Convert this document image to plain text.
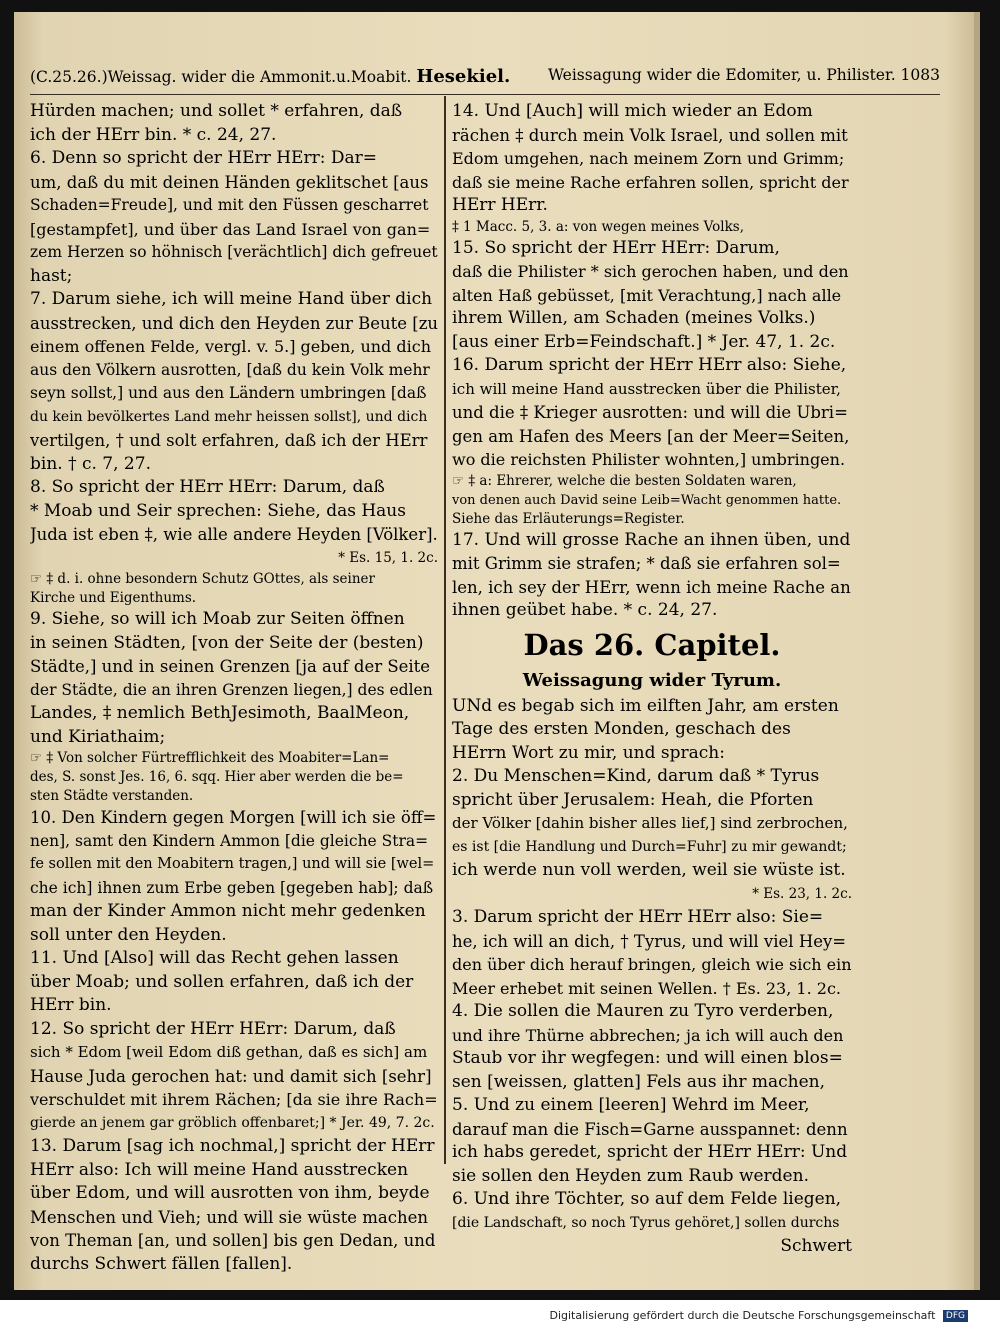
(C.25.26.)Weissag. wider die Ammonit.u.Moabit. Hesekiel. Weissagung wider die Edomiter, u. Philister. 1083
Hürden machen; und sollet * erfahren, daß
ich der HErr bin. * c. 24, 27.
6. Denn so spricht der HErr HErr: Dar=
um, daß du mit deinen Händen geklitschet [aus
Schaden=Freude], und mit den Füssen gescharret
[gestampfet], und über das Land Israel von gan=
zem Herzen so höhnisch [verächtlich] dich gefreuet
hast;
7. Darum siehe, ich will meine Hand über dich
ausstrecken, und dich den Heyden zur Beute [zu
einem offenen Felde, vergl. v. 5.] geben, und dich
aus den Völkern ausrotten, [daß du kein Volk mehr
seyn sollst,] und aus den Ländern umbringen [daß
du kein bevölkertes Land mehr heissen sollst], und dich
vertilgen, † und solt erfahren, daß ich der HErr
bin. † c. 7, 27.
8. So spricht der HErr HErr: Darum, daß
* Moab und Seir sprechen: Siehe, das Haus
Juda ist eben ‡, wie alle andere Heyden [Völker].
* Es. 15, 1. 2c.
☞ ‡ d. i. ohne besondern Schutz GOttes, als seiner
Kirche und Eigenthums.
9. Siehe, so will ich Moab zur Seiten öffnen
in seinen Städten, [von der Seite der (besten)
Städte,] und in seinen Grenzen [ja auf der Seite
der Städte, die an ihren Grenzen liegen,] des edlen
Landes, ‡ nemlich BethJesimoth, BaalMeon,
und Kiriathaim;
☞ ‡ Von solcher Fürtrefflichkeit des Moabiter=Lan=
des, S. sonst Jes. 16, 6. sqq. Hier aber werden die be=
sten Städte verstanden.
10. Den Kindern gegen Morgen [will ich sie öff=
nen], samt den Kindern Ammon [die gleiche Stra=
fe sollen mit den Moabitern tragen,] und will sie [wel=
che ich] ihnen zum Erbe geben [gegeben hab]; daß
man der Kinder Ammon nicht mehr gedenken
soll unter den Heyden.
11. Und [Also] will das Recht gehen lassen
über Moab; und sollen erfahren, daß ich der
HErr bin.
12. So spricht der HErr HErr: Darum, daß
sich * Edom [weil Edom diß gethan, daß es sich] am
Hause Juda gerochen hat: und damit sich [sehr]
verschuldet mit ihrem Rächen; [da sie ihre Rach=
gierde an jenem gar gröblich offenbaret;] * Jer. 49, 7. 2c.
13. Darum [sag ich nochmal,] spricht der HErr
HErr also: Ich will meine Hand ausstrecken
über Edom, und will ausrotten von ihm, beyde
Menschen und Vieh; und will sie wüste machen
von Theman [an, und sollen] bis gen Dedan, und
durchs Schwert fällen [fallen].
14. Und [Auch] will mich wieder an Edom
rächen ‡ durch mein Volk Israel, und sollen mit
Edom umgehen, nach meinem Zorn und Grimm;
daß sie meine Rache erfahren sollen, spricht der
HErr HErr.
‡ 1 Macc. 5, 3. a: von wegen meines Volks,
15. So spricht der HErr HErr: Darum,
daß die Philister * sich gerochen haben, und den
alten Haß gebüsset, [mit Verachtung,] nach alle
ihrem Willen, am Schaden (meines Volks.)
[aus einer Erb=Feindschaft.] * Jer. 47, 1. 2c.
16. Darum spricht der HErr HErr also: Siehe,
ich will meine Hand ausstrecken über die Philister,
und die ‡ Krieger ausrotten: und will die Ubri=
gen am Hafen des Meers [an der Meer=Seiten,
wo die reichsten Philister wohnten,] umbringen.
☞ ‡ a: Ehrerer, welche die besten Soldaten waren,
von denen auch David seine Leib=Wacht genommen hatte.
Siehe das Erläuterungs=Register.
17. Und will grosse Rache an ihnen üben, und
mit Grimm sie strafen; * daß sie erfahren sol=
len, ich sey der HErr, wenn ich meine Rache an
ihnen geübet habe. * c. 24, 27.
Das 26. Capitel.
Weissagung wider Tyrum.
UNd es begab sich im eilften Jahr, am ersten
Tage des ersten Monden, geschach des
HErrn Wort zu mir, und sprach:
2. Du Menschen=Kind, darum daß * Tyrus
spricht über Jerusalem: Heah, die Pforten
der Völker [dahin bisher alles lief,] sind zerbrochen,
es ist [die Handlung und Durch=Fuhr] zu mir gewandt;
ich werde nun voll werden, weil sie wüste ist.
* Es. 23, 1. 2c.
3. Darum spricht der HErr HErr also: Sie=
he, ich will an dich, † Tyrus, und will viel Hey=
den über dich herauf bringen, gleich wie sich ein
Meer erhebet mit seinen Wellen. † Es. 23, 1. 2c.
4. Die sollen die Mauren zu Tyro verderben,
und ihre Thürne abbrechen; ja ich will auch den
Staub vor ihr wegfegen: und will einen blos=
sen [weissen, glatten] Fels aus ihr machen,
5. Und zu einem [leeren] Wehrd im Meer,
darauf man die Fisch=Garne ausspannet: denn
ich habs geredet, spricht der HErr HErr: Und
sie sollen den Heyden zum Raub werden.
6. Und ihre Töchter, so auf dem Felde liegen,
[die Landschaft, so noch Tyrus gehöret,] sollen durchs
Schwert
Digitalisierung gefördert durch die Deutsche Forschungsgemeinschaft DFG
